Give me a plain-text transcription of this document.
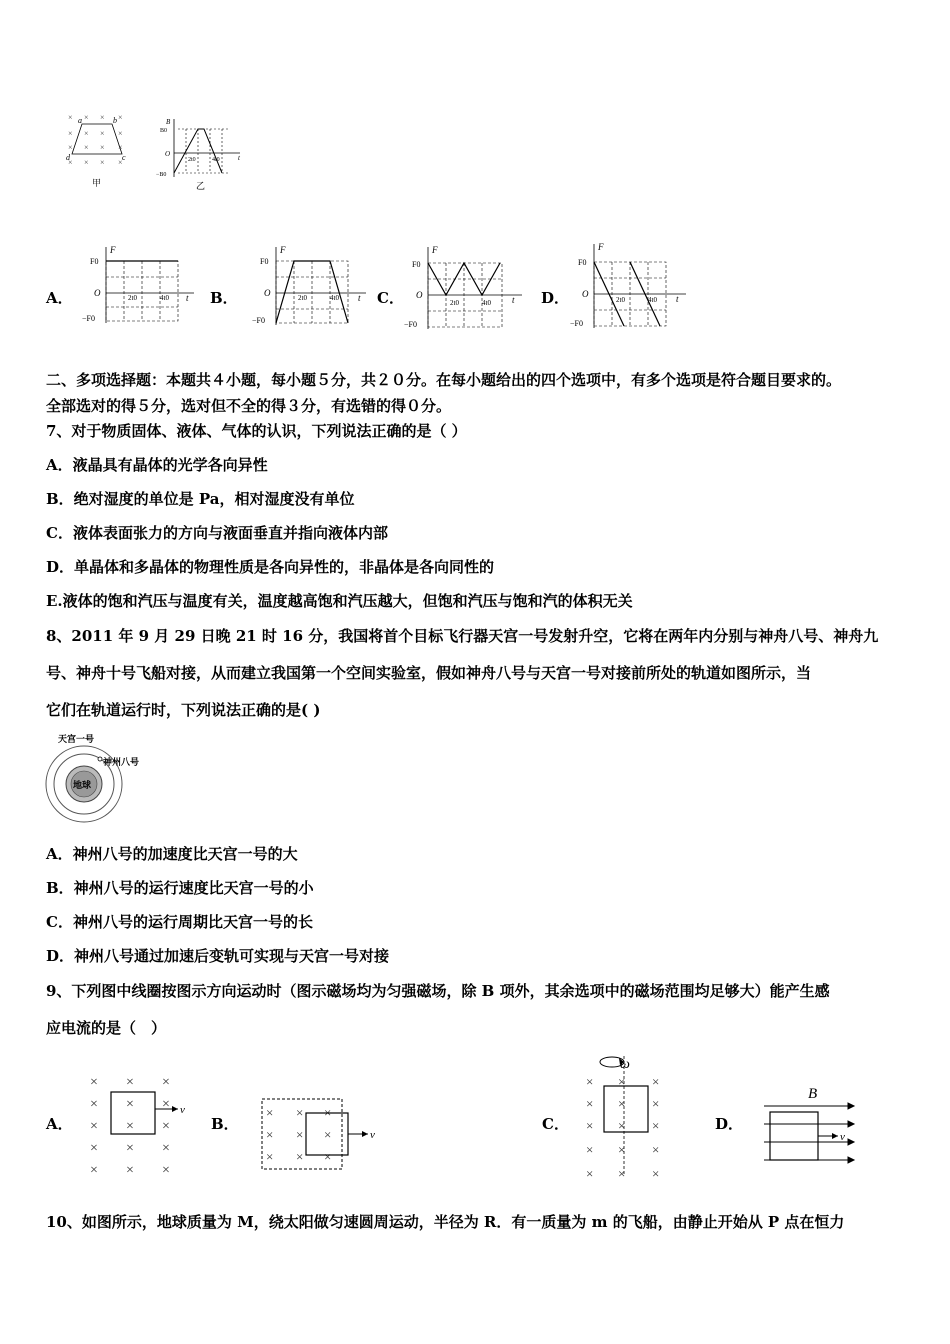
× × × ×
× × × ×
× × × ×
× × × ×
a	b
c
d
甲
B
B0
O
−B0
t
2t0	4t0
乙
A．	B．	C．	D．
F
F0
O
−F0
t
2t0	4t0
F
F0
O
−F0
t
2t0	4t0
F
F0
O
−F0
t
2t0	4t0
F
F0
O
−F0
t
2t0	4t0
二、多项选择题：本题共４小题，每小题５分，共２０分。在每小题给出的四个选项中，有多个选项是符合题目要求的。
全部选对的得５分，选对但不全的得３分，有选错的得０分。
7、对于物质固体、液体、气体的认识，下列说法正确的是（ ）
A．液晶具有晶体的光学各向异性
B．绝对湿度的单位是 Pa，相对湿度没有单位
C．液体表面张力的方向与液面垂直并指向液体内部
D．单晶体和多晶体的物理性质是各向异性的，非晶体是各向同性的
E.液体的饱和汽压与温度有关，温度越高饱和汽压越大，但饱和汽压与饱和汽的体积无关
8、2011 年 9 月 29 日晚 21 时 16 分，我国将首个目标飞行器天宫一号发射升空，它将在两年内分别与神舟八号、神舟九
号、神舟十号飞船对接，从而建立我国第一个空间实验室，假如神舟八号与天宫一号对接前所处的轨道如图所示，当
它们在轨道运行时，下列说法正确的是( )
天宫一号
神州八号
地球
A．神州八号的加速度比天宫一号的大
B．神州八号的运行速度比天宫一号的小
C．神州八号的运行周期比天宫一号的长
D．神州八号通过加速后变轨可实现与天宫一号对接
9、下列图中线圈按图示方向运动时（图示磁场均为匀强磁场，除 B 项外，其余选项中的磁场范围均足够大）能产生感
应电流的是（　）
A．	B．	C．	D．
× × ×
× × ×
× × ×
× × ×
× × ×
v	× × ×
× × ×
× × ×
v
ω
× × ×
× × ×
× × ×
× × ×
× × ×
B
v
10、如图所示，地球质量为 M，绕太阳做匀速圆周运动，半径为 R．有一质量为 m 的飞船，由静止开始从 P 点在恒力
